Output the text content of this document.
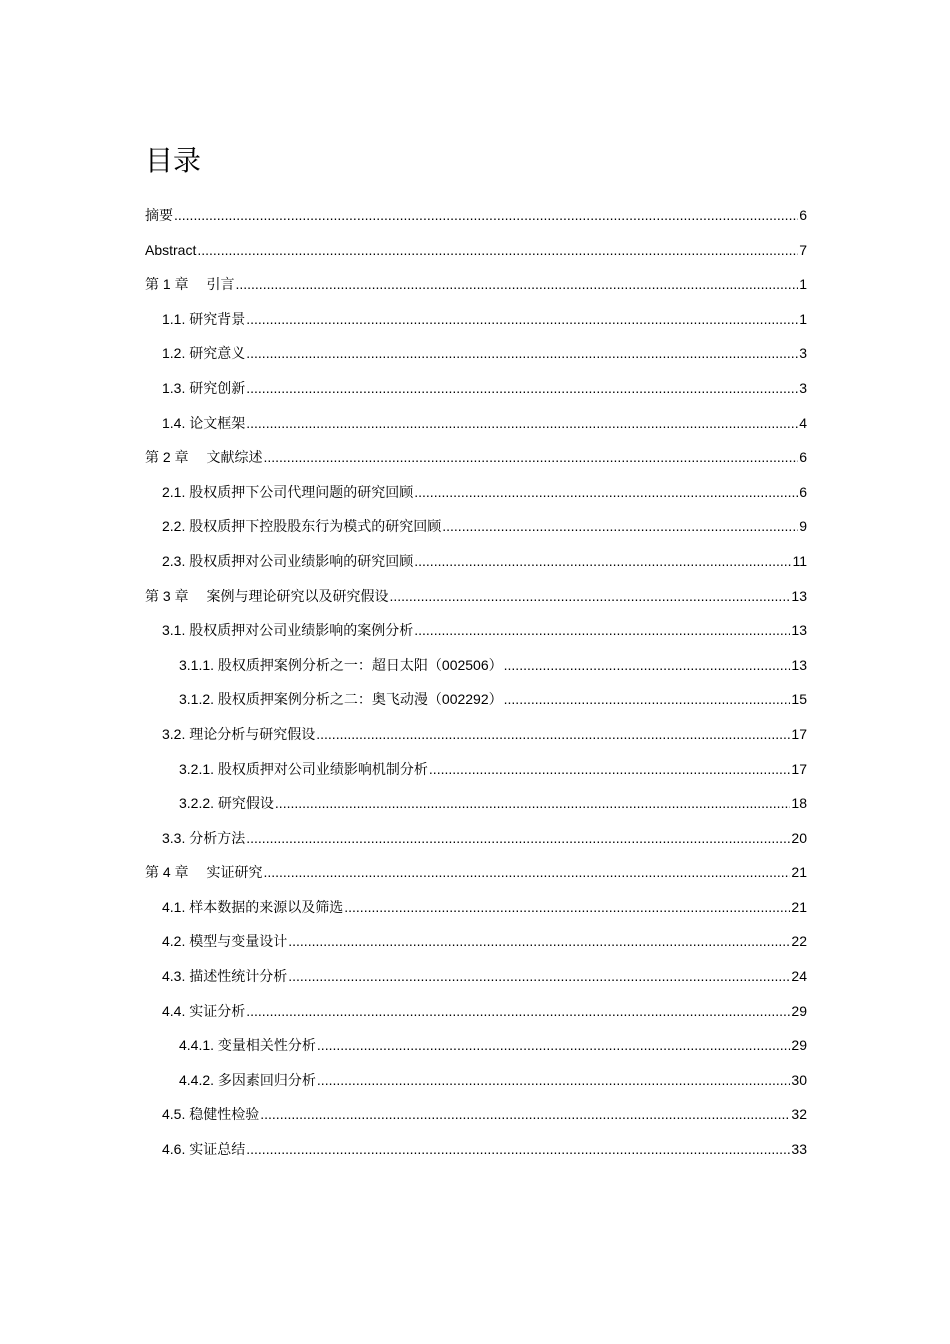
目录
摘要 .....	6
Abstract .....	7
第 1 章　 引言 .....	1
1.1. 研究背景 .....	1
1.2. 研究意义 .....	3
1.3. 研究创新 .....	3
1.4. 论文框架 .....	4
第 2 章　 文献综述 .....	6
2.1. 股权质押下公司代理问题的研究回顾 .....	6
2.2. 股权质押下控股股东行为模式的研究回顾 .....	9
2.3. 股权质押对公司业绩影响的研究回顾 .....	11
第 3 章　 案例与理论研究以及研究假设 .....	13
3.1. 股权质押对公司业绩影响的案例分析 .....	13
3.1.1. 股权质押案例分析之一：超日太阳（002506） .....	13
3.1.2. 股权质押案例分析之二：奥飞动漫（002292） .....	15
3.2. 理论分析与研究假设 .....	17
3.2.1. 股权质押对公司业绩影响机制分析 .....	17
3.2.2. 研究假设 .....	18
3.3. 分析方法 .....	20
第 4 章　 实证研究 .....	21
4.1. 样本数据的来源以及筛选 .....	21
4.2. 模型与变量设计 .....	22
4.3. 描述性统计分析 .....	24
4.4. 实证分析 .....	29
4.4.1. 变量相关性分析 .....	29
4.4.2. 多因素回归分析 .....	30
4.5. 稳健性检验 .....	32
4.6. 实证总结 .....	33
